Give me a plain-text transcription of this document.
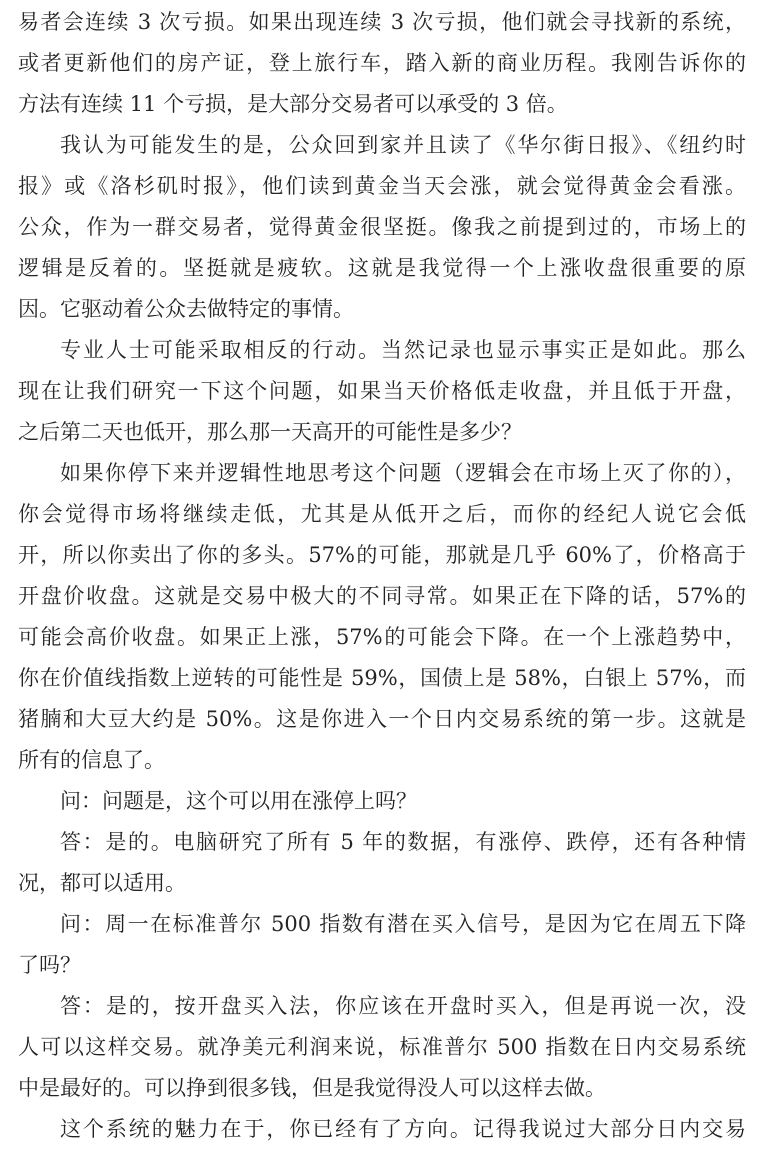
易者会连续 3 次亏损。如果出现连续 3 次亏损，他们就会寻找新的系统，
或者更新他们的房产证，登上旅行车，踏入新的商业历程。我刚告诉你的
方法有连续 11 个亏损，是大部分交易者可以承受的 3 倍。
我认为可能发生的是，公众回到家并且读了《华尔街日报》、《纽约时
报》或《洛杉矶时报》，他们读到黄金当天会涨，就会觉得黄金会看涨。
公众，作为一群交易者，觉得黄金很坚挺。像我之前提到过的，市场上的
逻辑是反着的。坚挺就是疲软。这就是我觉得一个上涨收盘很重要的原
因。它驱动着公众去做特定的事情。
专业人士可能采取相反的行动。当然记录也显示事实正是如此。那么
现在让我们研究一下这个问题，如果当天价格低走收盘，并且低于开盘，
之后第二天也低开，那么那一天高开的可能性是多少？
如果你停下来并逻辑性地思考这个问题（逻辑会在市场上灭了你的），
你会觉得市场将继续走低，尤其是从低开之后，而你的经纪人说它会低
开，所以你卖出了你的多头。57%的可能，那就是几乎 60%了，价格高于
开盘价收盘。这就是交易中极大的不同寻常。如果正在下降的话，57%的
可能会高价收盘。如果正上涨，57%的可能会下降。在一个上涨趋势中，
你在价值线指数上逆转的可能性是 59%，国债上是 58%，白银上 57%，而
猪腩和大豆大约是 50%。这是你进入一个日内交易系统的第一步。这就是
所有的信息了。
问：问题是，这个可以用在涨停上吗？
答：是的。电脑研究了所有 5 年的数据，有涨停、跌停，还有各种情
况，都可以适用。
问：周一在标准普尔 500 指数有潜在买入信号，是因为它在周五下降
了吗？
答：是的，按开盘买入法，你应该在开盘时买入，但是再说一次，没
人可以这样交易。就净美元利润来说，标准普尔 500 指数在日内交易系统
中是最好的。可以挣到很多钱，但是我觉得没人可以这样去做。
这个系统的魅力在于，你已经有了方向。记得我说过大部分日内交易
